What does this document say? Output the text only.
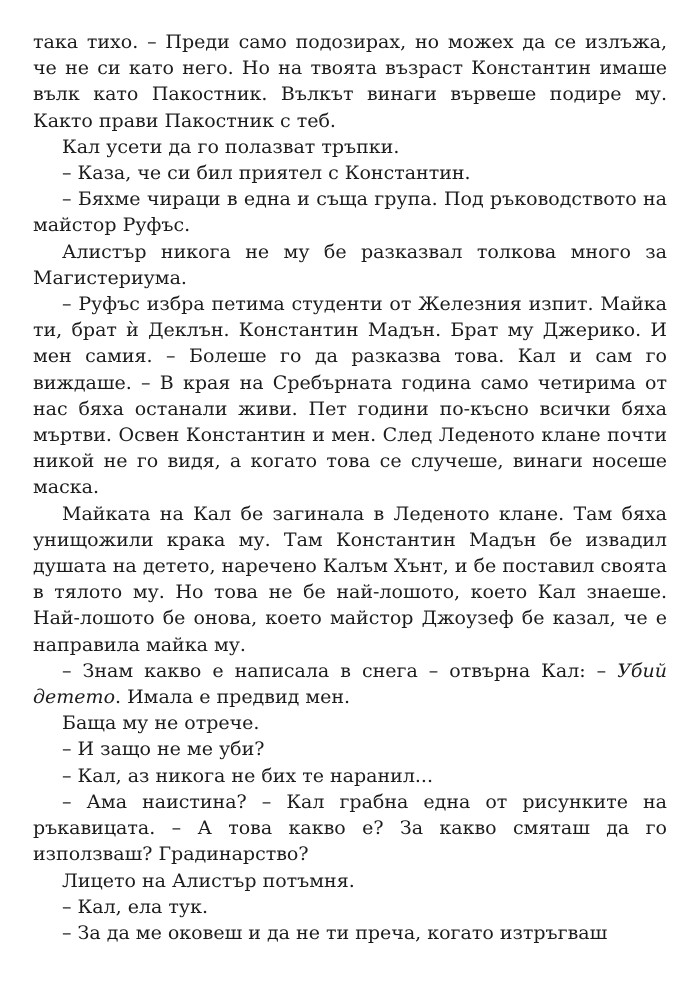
така тихо. – Преди само подозирах, но можех да се излъжа, че не си като него. Но на твоята възраст Константин имаше вълк като Пакостник. Вълкът винаги вървеше подире му. Както прави Пакостник с теб.

Кал усети да го полазват тръпки.

– Каза, че си бил приятел с Константин.

– Бяхме чираци в една и съща група. Под ръководството на майстор Руфъс.

Алистър никога не му бе разказвал толкова много за Магистериума.

– Руфъс избра петима студенти от Железния изпит. Майка ти, брат ѝ Деклън. Константин Мадън. Брат му Джерико. И мен самия. – Болеше го да разказва това. Кал и сам го виждаше. – В края на Сребърната година само четирима от нас бяха останали живи. Пет години по-късно всички бяха мъртви. Освен Константин и мен. След Леденото клане почти никой не го видя, а когато това се случеше, винаги носеше маска.

Майката на Кал бе загинала в Леденото клане. Там бяха унищожили крака му. Там Константин Мадън бе извадил душата на детето, наречено Калъм Хънт, и бе поставил своята в тялото му. Но това не бе най-лошото, което Кал знаеше. Най-лошото бе онова, което майстор Джоузеф бе казал, че е направила майка му.

– Знам какво е написала в снега – отвърна Кал: – Убий детето. Имала е предвид мен.

Баща му не отрече.

– И защо не ме уби?

– Кал, аз никога не бих те наранил...

– Ама наистина? – Кал грабна една от рисунките на ръкавицата. – А това какво е? За какво смяташ да го използваш? Градинарство?

Лицето на Алистър потъмня.

– Кал, ела тук.

– За да ме оковеш и да не ти преча, когато изтръгваш
